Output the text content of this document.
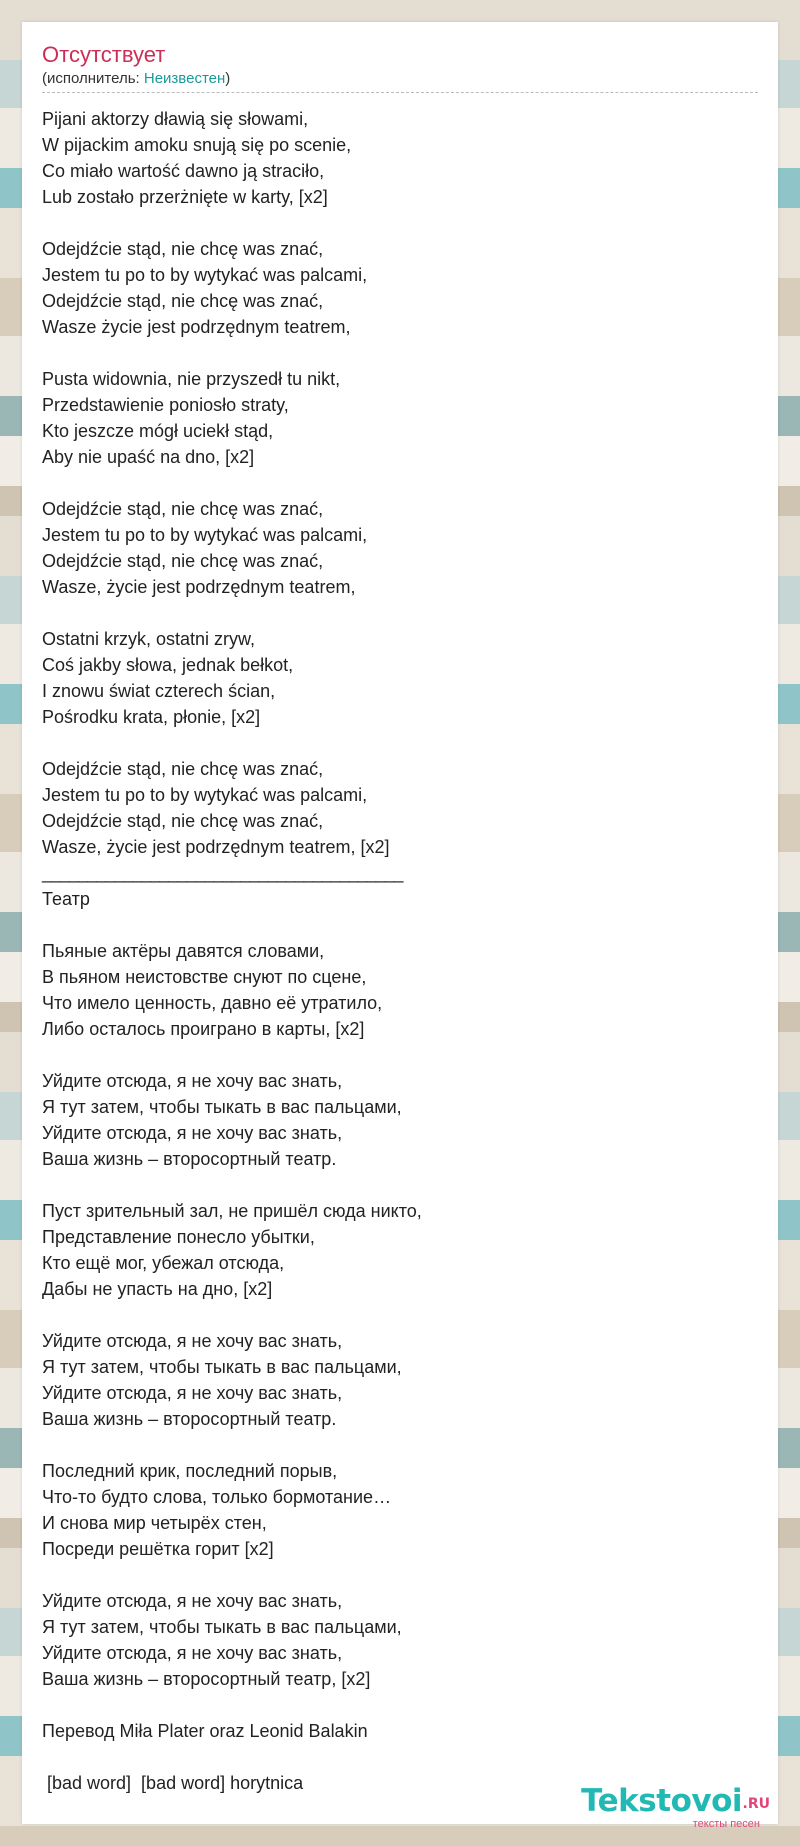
Отсутствует
(исполнитель: Неизвестен)
Pijani aktorzy dławią się słowami,
W pijackim amoku snują się po scenie,
Co miało wartość dawno ją straciło,
Lub zostało przerżnięte w karty, [x2]
Odejdźcie stąd, nie chcę was znać,
Jestem tu po to by wytykać was palcami,
Odejdźcie stąd, nie chcę was znać,
Wasze życie jest podrzędnym teatrem,
Pusta widownia, nie przyszedł tu nikt,
Przedstawienie poniosło straty,
Kto jeszcze mógł uciekł stąd,
Aby nie upaść na dno, [x2]
Odejdźcie stąd, nie chcę was znać,
Jestem tu po to by wytykać was palcami,
Odejdźcie stąd, nie chcę was znać,
Wasze, życie jest podrzędnym teatrem,
Ostatni krzyk, ostatni zryw,
Coś jakby słowa, jednak bełkot,
I znowu świat czterech ścian,
Pośrodku krata, płonie, [x2]
Odejdźcie stąd, nie chcę was znać,
Jestem tu po to by wytykać was palcami,
Odejdźcie stąd, nie chcę was znać,
Wasze, życie jest podrzędnym teatrem, [x2]
________________________________________
Театр
Пьяные актёры давятся словами,
В пьяном неистовстве снуют по сцене,
Что имело ценность, давно её утратило,
Либо осталось проиграно в карты, [x2]
Уйдите отсюда, я не хочу вас знать,
Я тут затем, чтобы тыкать в вас пальцами,
Уйдите отсюда, я не хочу вас знать,
Ваша жизнь – второсортный театр.
Пуст зрительный зал, не пришёл сюда никто,
Представление понесло убытки,
Кто ещё мог, убежал отсюда,
Дабы не упасть на дно, [x2]
Уйдите отсюда, я не хочу вас знать,
Я тут затем, чтобы тыкать в вас пальцами,
Уйдите отсюда, я не хочу вас знать,
Ваша жизнь – второсортный театр.
Последний крик, последний порыв,
Что-то будто слова, только бормотание…
И снова мир четырёх стен,
Посреди решётка горит [x2]
Уйдите отсюда, я не хочу вас знать,
Я тут затем, чтобы тыкать в вас пальцами,
Уйдите отсюда, я не хочу вас знать,
Ваша жизнь – второсортный театр, [x2]
Перевод Miła Plater oraz Leonid Balakin
[bad word]  [bad word] horytnica	Tekstovoi .RU
тексты песен
